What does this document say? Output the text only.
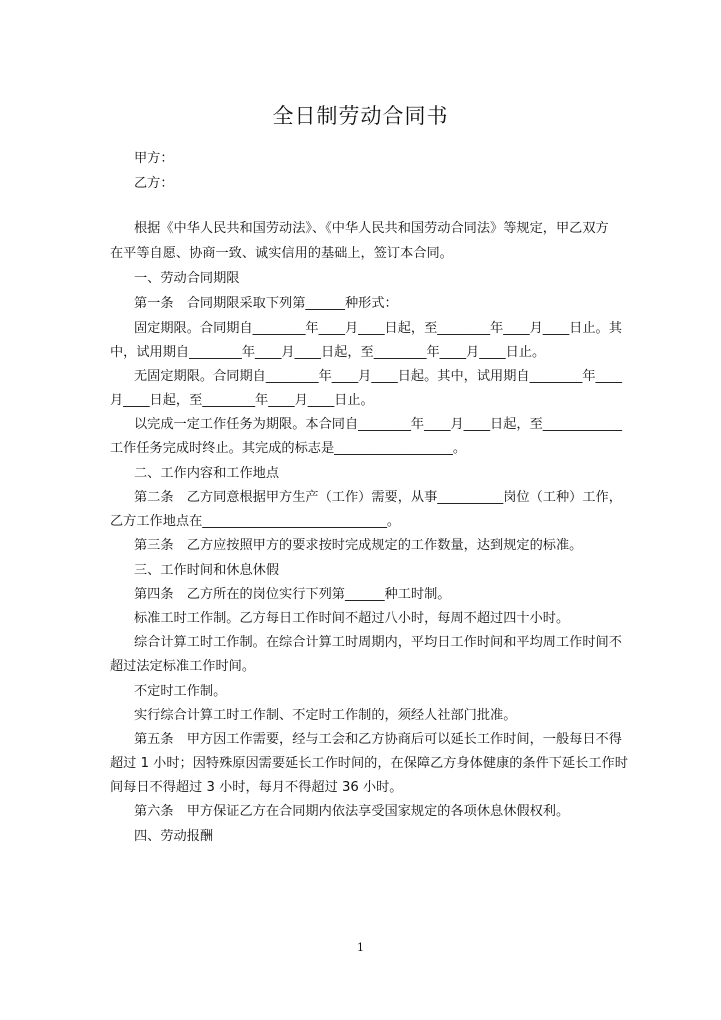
全日制劳动合同书
甲方：
乙方：
根据《中华人民共和国劳动法》、《中华人民共和国劳动合同法》等规定，甲乙双方
在平等自愿、协商一致、诚实信用的基础上，签订本合同。
一、劳动合同期限
第一条　合同期限采取下列第______种形式：
固定期限。合同期自________年____月____日起，至________年____月____日止。其
中，试用期自________年____月____日起，至________年____月____日止。
无固定期限。合同期自________年____月____日起。其中，试用期自________年____
月____日起，至________年____月____日止。
以完成一定工作任务为期限。本合同自________年____月____日起，至____________
工作任务完成时终止。其完成的标志是__________________。
二、工作内容和工作地点
第二条　乙方同意根据甲方生产（工作）需要，从事__________岗位（工种）工作，
乙方工作地点在____________________________。
第三条　乙方应按照甲方的要求按时完成规定的工作数量，达到规定的标准。
三、工作时间和休息休假
第四条　乙方所在的岗位实行下列第______种工时制。
标准工时工作制。乙方每日工作时间不超过八小时，每周不超过四十小时。
综合计算工时工作制。在综合计算工时周期内，平均日工作时间和平均周工作时间不
超过法定标准工作时间。
不定时工作制。
实行综合计算工时工作制、不定时工作制的，须经人社部门批准。
第五条　甲方因工作需要，经与工会和乙方协商后可以延长工作时间，一般每日不得
超过 1 小时；因特殊原因需要延长工作时间的，在保障乙方身体健康的条件下延长工作时
间每日不得超过 3 小时，每月不得超过 36 小时。
第六条　甲方保证乙方在合同期内依法享受国家规定的各项休息休假权利。
四、劳动报酬
1
